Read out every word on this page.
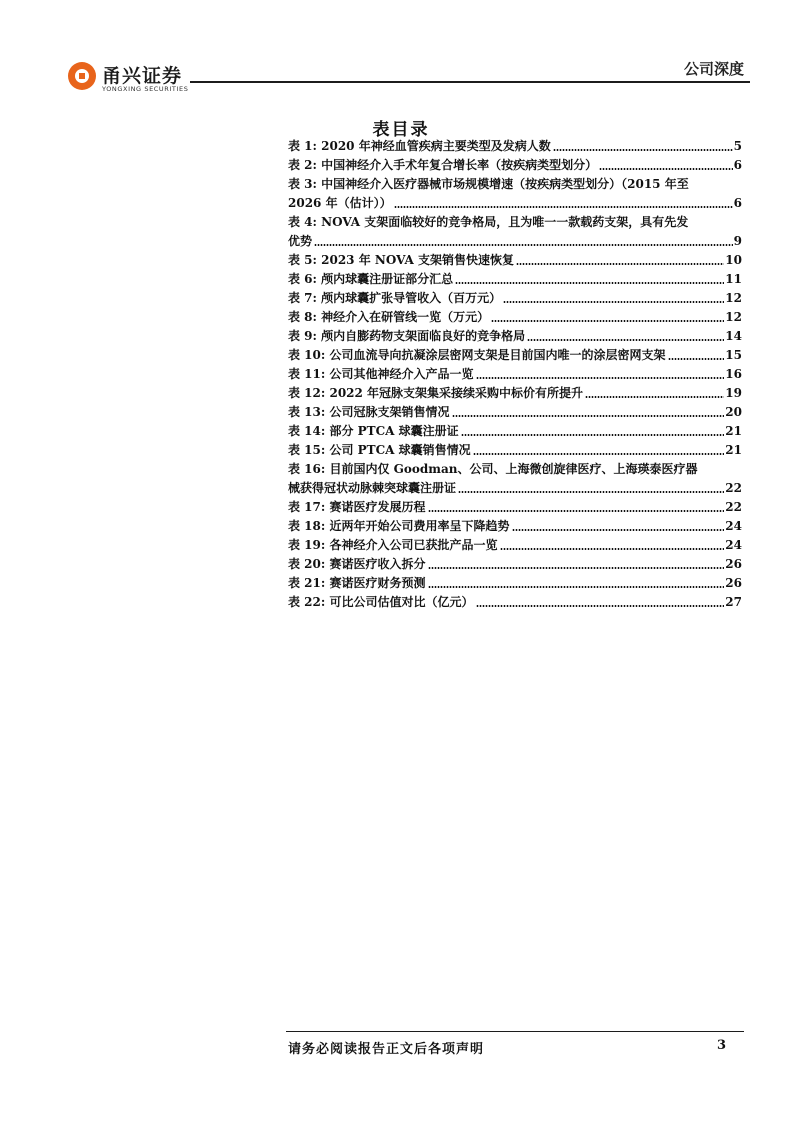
甬兴证券
YONGXING SECURITIES
公司深度
表目录
表 1: 2020 年神经血管疾病主要类型及发病人数	5
表 2: 中国神经介入手术年复合增长率（按疾病类型划分）	6
表 3: 中国神经介入医疗器械市场规模增速（按疾病类型划分）（2015 年至
2026 年（估计））	6
表 4: NOVA 支架面临较好的竞争格局，且为唯一一款载药支架，具有先发
优势	9
表 5: 2023 年 NOVA 支架销售快速恢复	10
表 6: 颅内球囊注册证部分汇总	11
表 7: 颅内球囊扩张导管收入（百万元）	12
表 8: 神经介入在研管线一览（万元）	12
表 9: 颅内自膨药物支架面临良好的竞争格局	14
表 10: 公司血流导向抗凝涂层密网支架是目前国内唯一的涂层密网支架	15
表 11: 公司其他神经介入产品一览	16
表 12: 2022 年冠脉支架集采接续采购中标价有所提升	19
表 13: 公司冠脉支架销售情况	20
表 14: 部分 PTCA 球囊注册证	21
表 15: 公司 PTCA 球囊销售情况	21
表 16: 目前国内仅 Goodman、公司、上海微创旋律医疗、上海瑛泰医疗器
械获得冠状动脉棘突球囊注册证	22
表 17: 赛诺医疗发展历程	22
表 18: 近两年开始公司费用率呈下降趋势	24
表 19: 各神经介入公司已获批产品一览	24
表 20: 赛诺医疗收入拆分	26
表 21: 赛诺医疗财务预测	26
表 22: 可比公司估值对比（亿元）	27
请务必阅读报告正文后各项声明	3
